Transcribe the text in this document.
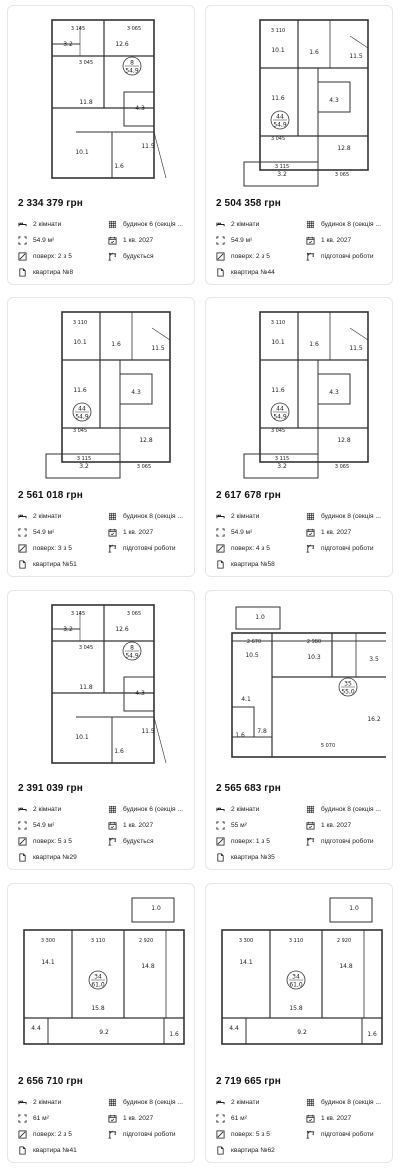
3 145	3 065
3.2	12.6
3 045
11.8
4.3
10.1
11.5
1.6
8
54,9
2 334 379 грн
2 кімнати	будинок 6 (секція ...
54.9 м²	1 кв. 2027
поверх: 2 з 5	будується
квартира №8
3 110
10.1	1.6
11.5
11.6	4.3
3 045
12.8
3 115
3.2	3 065
44
54,9
2 504 358 грн
2 кімнати	будинок 8 (секція ...
54.9 м²	1 кв. 2027
поверх: 2 з 5	підготовчі роботи
квартира №44
3 110
10.1	1.6
11.5
11.6	4.3
3 045
12.8
3 115
3.2	3 065
44
54,9
2 561 018 грн
2 кімнати	будинок 8 (секція ...
54.9 м²	1 кв. 2027
поверх: 3 з 5	підготовчі роботи
квартира №51
3 110
10.1	1.6
11.5
11.6	4.3
3 045
12.8
3 115
3.2	3 065
44
54,9
2 617 678 грн
2 кімнати	будинок 8 (секція ...
54.9 м²	1 кв. 2027
поверх: 4 з 5	підготовчі роботи
квартира №58
3 145	3 065
3.2	12.6
3 045
11.8
4.3
10.1
11.5
1.6
8
54,9
2 391 039 грн
2 кімнати	будинок 6 (секція ...
54.9 м²	1 кв. 2027
поверх: 5 з 5	будується
квартира №29
1.0
2 670	2 980
10.5	10.3	3.5
4.1
16.2
7.8
1.6
5 070
35
55,0
2 565 683 грн
2 кімнати	будинок 8 (секція ...
55 м²	1 кв. 2027
поверх: 1 з 5	підготовчі роботи
квартира №35
1.0
3 300	3 110	2 920
14.1
14.8
15.8
4.4
9.2	1.6
34
61,0
2 656 710 грн
2 кімнати	будинок 8 (секція ...
61 м²	1 кв. 2027
поверх: 2 з 5	підготовчі роботи
квартира №41
1.0
3 300	3 110	2 920
14.1
14.8
15.8
4.4
9.2	1.6
34
61,0
2 719 665 грн
2 кімнати	будинок 8 (секція ...
61 м²	1 кв. 2027
поверх: 5 з 5	підготовчі роботи
квартира №62
